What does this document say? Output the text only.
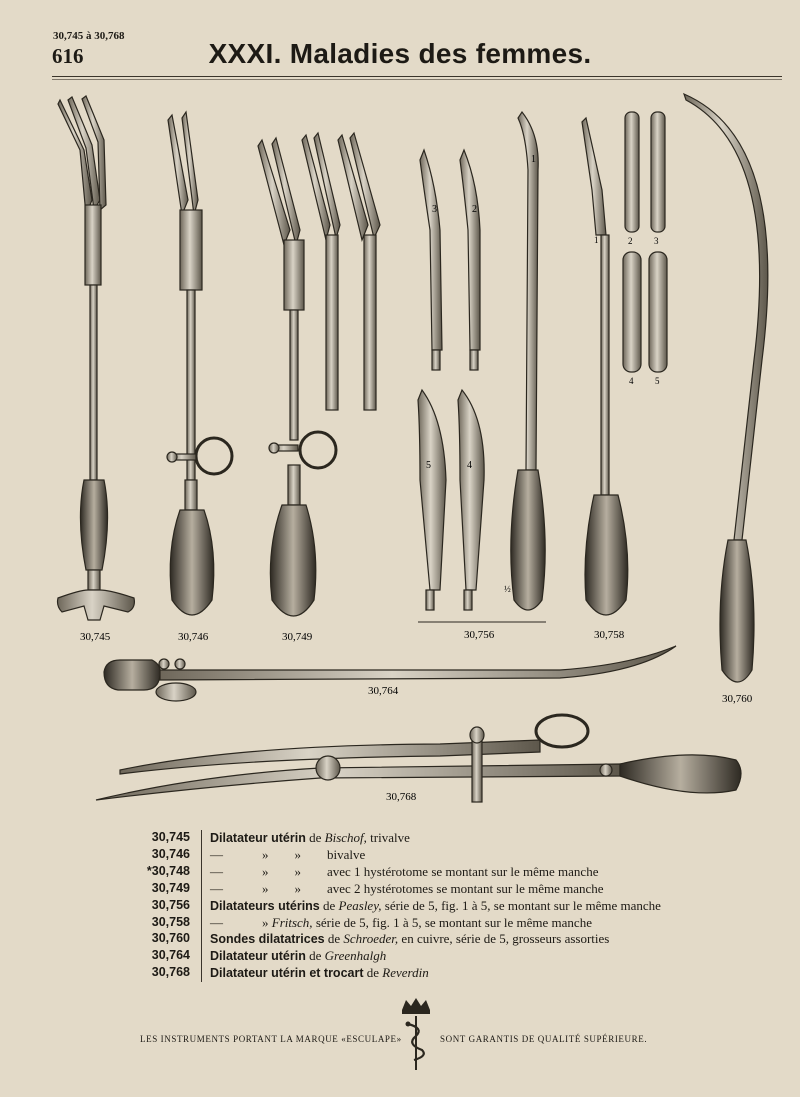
30,745 à 30,768
616	XXXI. Maladies des femmes.
3	2
1
5	4
½
1	2 3
4 5
30,745	30,746	30,749	30,756	30,758
30,760
30,764
30,768
30,745	Dilatateur utérin de Bischof, trivalve
30,746	—            »        »        bivalve
*30,748	—            »        »        avec 1 hystérotome se montant sur le même manche
30,749	—            »        »        avec 2 hystérotomes se montant sur le même manche
30,756	Dilatateurs utérins de Peasley, série de 5, fig. 1 à 5, se montant sur le même manche
30,758	—            » Fritsch, série de 5, fig. 1 à 5, se montant sur le même manche
30,760	Sondes dilatatrices de Schroeder, en cuivre, série de 5, grosseurs assorties
30,764	Dilatateur utérin de Greenhalgh
30,768	Dilatateur utérin et trocart de Reverdin
LES INSTRUMENTS PORTANT LA MARQUE «ESCULAPE»	SONT GARANTIS DE QUALITÉ SUPÉRIEURE.
